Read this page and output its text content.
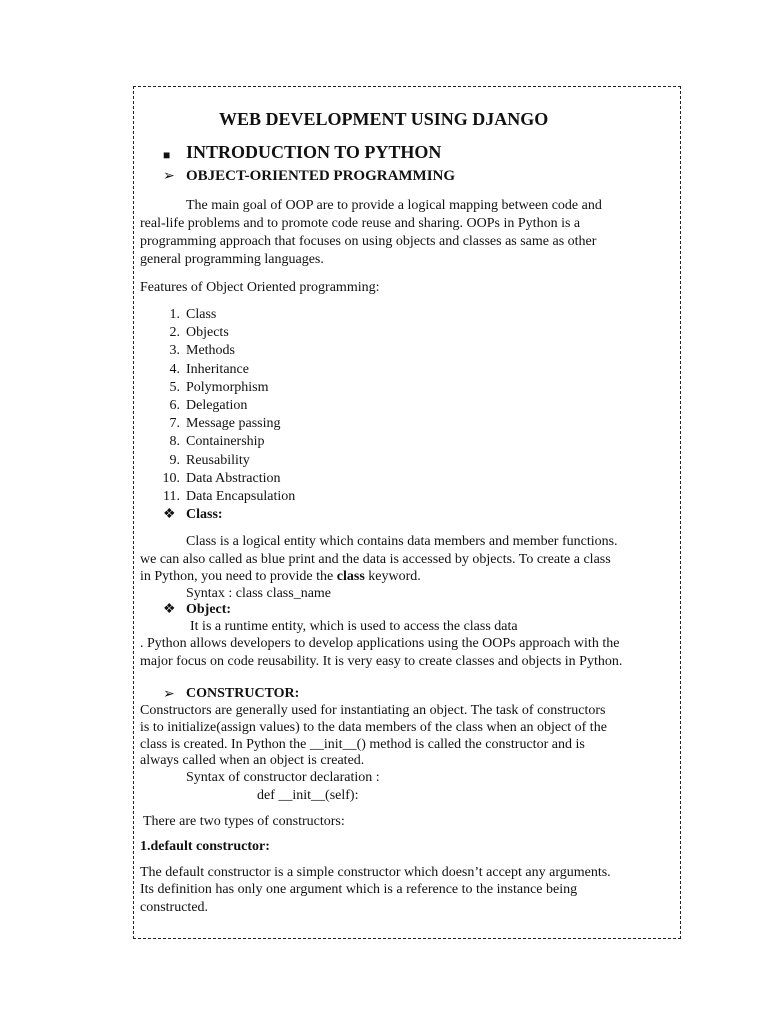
WEB DEVELOPMENT USING DJANGO
■ INTRODUCTION TO PYTHON
➢ OBJECT-ORIENTED PROGRAMMING
The main goal of OOP are to provide a logical mapping between code and
real-life problems and to promote code reuse and sharing. OOPs in Python is a
programming approach that focuses on using objects and classes as same as other
general programming languages.
Features of Object Oriented programming:
1. Class
2. Objects
3. Methods
4. Inheritance
5. Polymorphism
6. Delegation
7. Message passing
8. Containership
9. Reusability
10. Data Abstraction
11. Data Encapsulation
❖ Class:
Class is a logical entity which contains data members and member functions.
we can also called as blue print and the data is accessed by objects. To create a class
in Python, you need to provide the class keyword.
Syntax : class class_name
❖ Object:
It is a runtime entity, which is used to access the class data
. Python allows developers to develop applications using the OOPs approach with the
major focus on code reusability. It is very easy to create classes and objects in Python.
➢ CONSTRUCTOR:
Constructors are generally used for instantiating an object. The task of constructors
is to initialize(assign values) to the data members of the class when an object of the
class is created. In Python the __init__() method is called the constructor and is
always called when an object is created.
Syntax of constructor declaration :
def __init__(self):
There are two types of constructors:
1.default constructor:
The default constructor is a simple constructor which doesn’t accept any arguments.
Its definition has only one argument which is a reference to the instance being
constructed.
